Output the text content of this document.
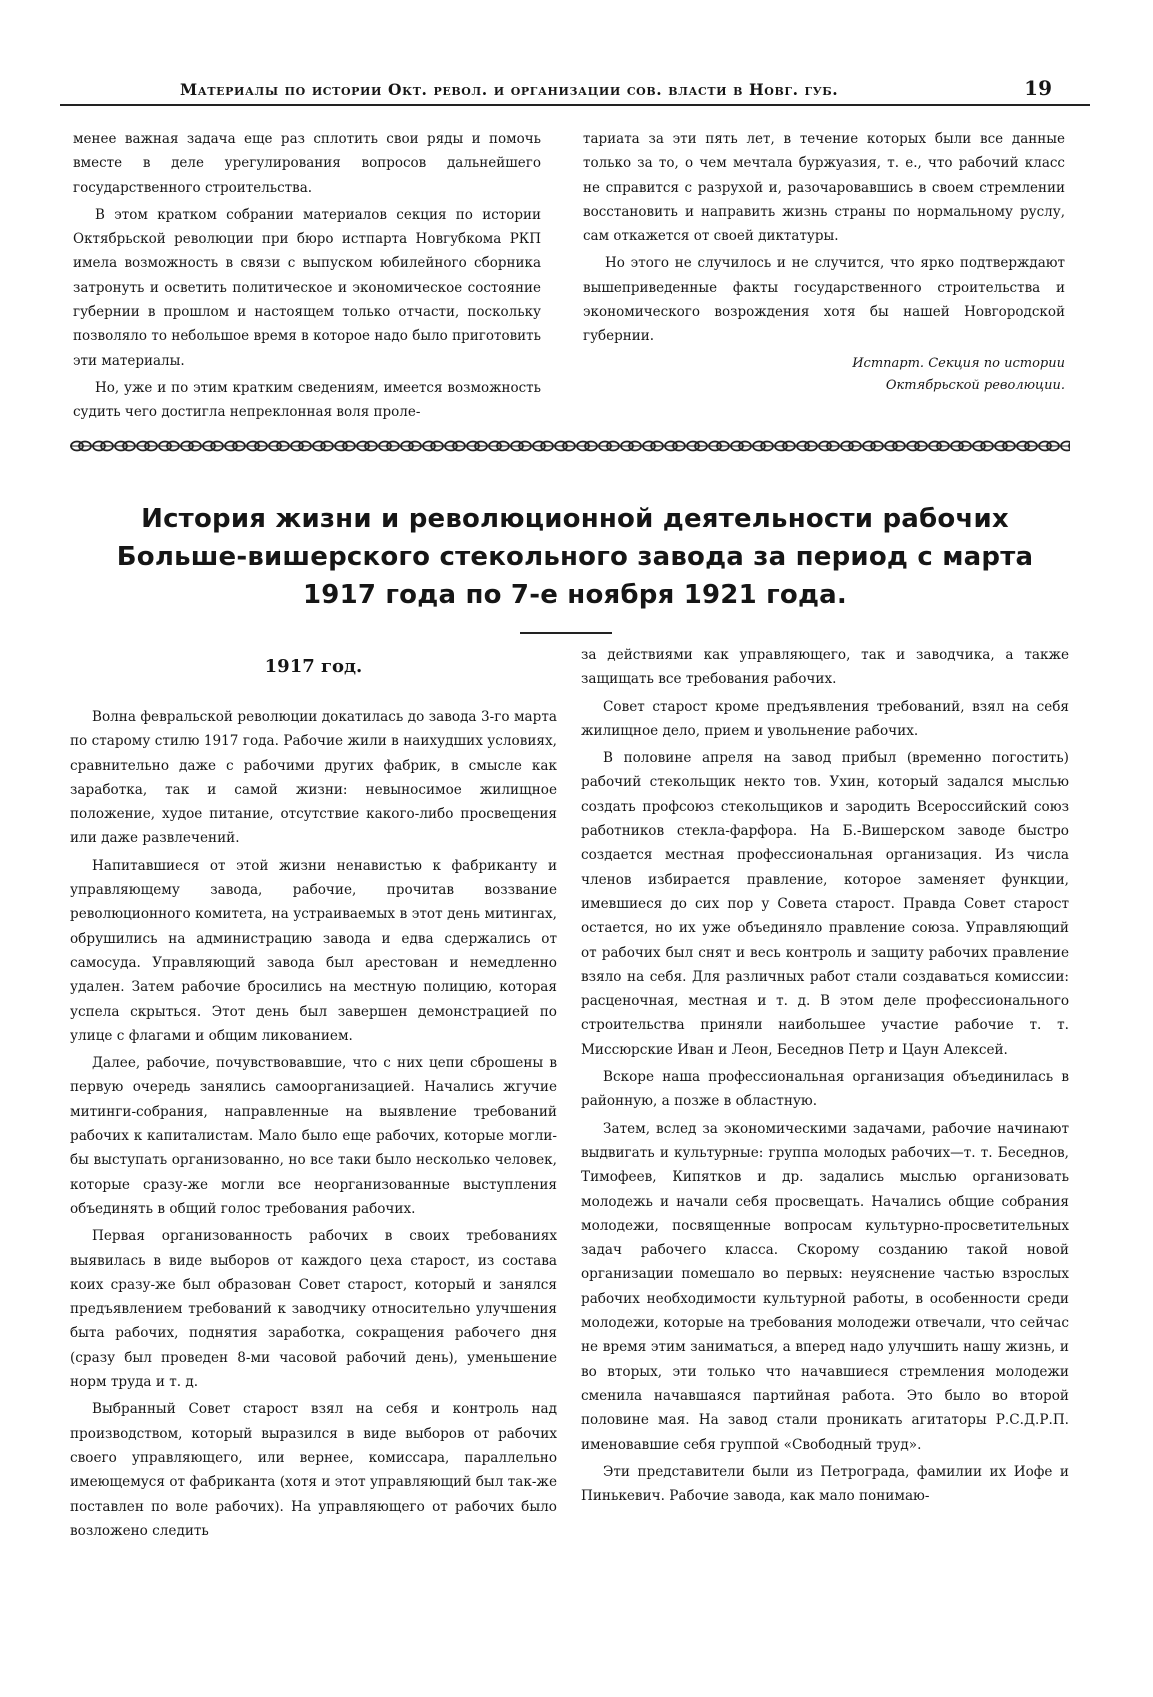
Материалы по истории Окт. револ. и организации сов. власти в Новг. губ.	19

менее важная задача еще раз сплотить свои ряды и помочь вместе в деле урегулирования вопросов дальнейшего государственного строительства.

В этом кратком собрании материалов секция по истории Октябрьской революции при бюро истпарта Новгубкома РКП имела возможность в связи с выпуском юбилейного сборника затронуть и осветить политическое и экономическое состояние губернии в прошлом и настоящем только отчасти, поскольку позволяло то небольшое время в которое надо было приготовить эти материалы.

Но, уже и по этим кратким сведениям, имеется возможность судить чего достигла непреклонная воля проле-

тариата за эти пять лет, в течение которых были все данные только за то, о чем мечтала буржуазия, т. е., что рабочий класс не справится с разрухой и, разочаровавшись в своем стремлении восстановить и направить жизнь страны по нормальному руслу, сам откажется от своей диктатуры.

Но этого не случилось и не случится, что ярко подтверждают вышеприведенные факты государственного строительства и экономического возрождения хотя бы нашей Новгородской губернии.

Истпарт. Секция по истории
Октябрьской революции.
История жизни и революционной деятельности рабочих Больше-вишерского стекольного завода за период с марта 1917 года по 7-е ноября 1921 года.
1917 год.

Волна февральской революции докатилась до завода 3-го марта по старому стилю 1917 года. Рабочие жили в наихудших условиях, сравнительно даже с рабочими других фабрик, в смысле как заработка, так и самой жизни: невыносимое жилищное положение, худое питание, отсутствие какого-либо просвещения или даже развлечений.

Напитавшиеся от этой жизни ненавистью к фабриканту и управляющему завода, рабочие, прочитав воззвание революционного комитета, на устраиваемых в этот день митингах, обрушились на администрацию завода и едва сдержались от самосуда. Управляющий завода был арестован и немедленно удален. Затем рабочие бросились на местную полицию, которая успела скрыться. Этот день был завершен демонстрацией по улице с флагами и общим ликованием.

Далее, рабочие, почувствовавшие, что с них цепи сброшены в первую очередь занялись самоорганизацией. Начались жгучие митинги-собрания, направленные на выявление требований рабочих к капиталистам. Мало было еще рабочих, которые могли-бы выступать организованно, но все таки было несколько человек, которые сразу-же могли все неорганизованные выступления объединять в общий голос требования рабочих.

Первая организованность рабочих в своих требованиях выявилась в виде выборов от каждого цеха старост, из состава коих сразу-же был образован Совет старост, который и занялся предъявлением требований к заводчику относительно улучшения быта рабочих, поднятия заработка, сокращения рабочего дня (сразу был проведен 8-ми часовой рабочий день), уменьшение норм труда и т. д.

Выбранный Совет старост взял на себя и контроль над производством, который выразился в виде выборов от рабочих своего управляющего, или вернее, комиссара, параллельно имеющемуся от фабриканта (хотя и этот управляющий был так-же поставлен по воле рабочих). На управляющего от рабочих было возложено следить

за действиями как управляющего, так и заводчика, а также защищать все требования рабочих.

Совет старост кроме предъявления требований, взял на себя жилищное дело, прием и увольнение рабочих.

В половине апреля на завод прибыл (временно погостить) рабочий стекольщик некто тов. Ухин, который задался мыслью создать профсоюз стекольщиков и зародить Всероссийский союз работников стекла-фарфора. На Б.-Вишерском заводе быстро создается местная профессиональная организация. Из числа членов избирается правление, которое заменяет функции, имевшиеся до сих пор у Совета старост. Правда Совет старост остается, но их уже объединяло правление союза. Управляющий от рабочих был снят и весь контроль и защиту рабочих правление взяло на себя. Для различных работ стали создаваться комиссии: расценочная, местная и т. д. В этом деле профессионального строительства приняли наибольшее участие рабочие т. т. Миссюрские Иван и Леон, Беседнов Петр и Цаун Алексей.

Вскоре наша профессиональная организация объединилась в районную, а позже в областную.

Затем, вслед за экономическими задачами, рабочие начинают выдвигать и культурные: группа молодых рабочих—т. т. Беседнов, Тимофеев, Кипятков и др. задались мыслью организовать молодежь и начали себя просвещать. Начались общие собрания молодежи, посвященные вопросам культурно-просветительных задач рабочего класса. Скорому созданию такой новой организации помешало во первых: неуяснение частью взрослых рабочих необходимости культурной работы, в особенности среди молодежи, которые на требования молодежи отвечали, что сейчас не время этим заниматься, а вперед надо улучшить нашу жизнь, и во вторых, эти только что начавшиеся стремления молодежи сменила начавшаяся партийная работа. Это было во второй половине мая. На завод стали проникать агитаторы Р.С.Д.Р.П. именовавшие себя группой «Свободный труд».

Эти представители были из Петрограда, фамилии их Иофе и Пинькевич. Рабочие завода, как мало понимаю-
